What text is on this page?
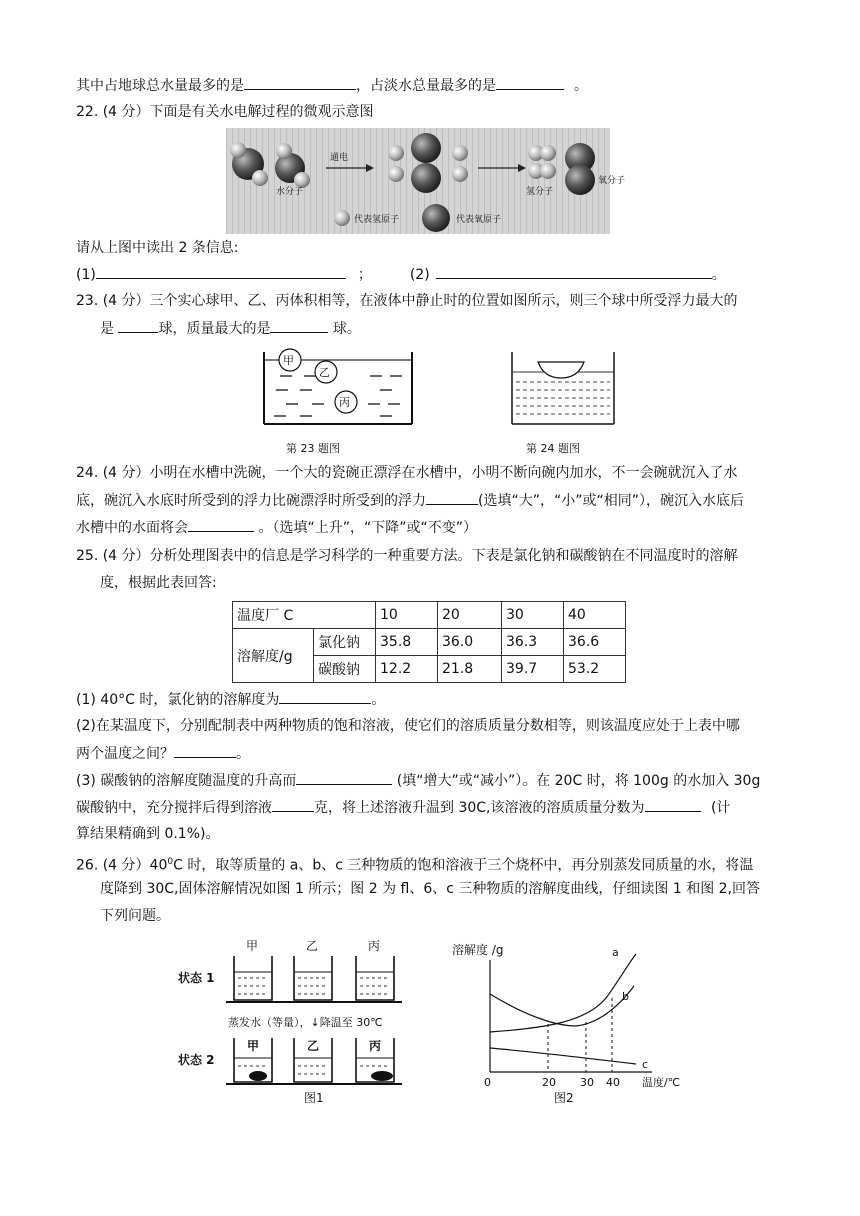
其中占地球总水量最多的是	，占淡水总量最多的是	。
22. (4 分）下面是有关水电解过程的微观示意图
水分子
通电
氢分子
氧分子
代表氢原子	代表氧原子
请从上图中读出 2 条信息:
(1)	；	(2)	。
23. (4 分）三个实心球甲、乙、丙体积相等，在液体中静止时的位置如图所示，则三个球中所受浮力最大的
是	球，质量最大的是	球。
甲
乙
丙
第 23 题图	第 24 题图
24. (4 分）小明在水槽中洗碗，一个大的瓷碗正漂浮在水槽中，小明不断向碗内加水，不一会碗就沉入了水
底，碗沉入水底时所受到的浮力比碗漂浮时所受到的浮力	(选填“大”，“小”或“相同”），碗沉入水底后
水槽中的水面将会	。（选填“上升”，“下降”或“不变”）
25. (4 分）分析处理图表中的信息是学习科学的一种重要方法。下表是氯化钠和碳酸钠在不同温度时的溶解
度，根据此表回答:
温度厂 C		10	20	30	40
溶解度/g	氯化钠	35.8	36.0	36.3	36.6
	碳酸钠	12.2	21.8	39.7	53.2
(1) 40°C 时，氯化钠的溶解度为	。
(2)在某温度下，分别配制表中两种物质的饱和溶液，使它们的溶质质量分数相等，则该温度应处于上表中哪
两个温度之间？	。
(3) 碳酸钠的溶解度随温度的升高而	(填“增大”或“减小”）。在 20C 时，将 100g 的水加入 30g
碳酸钠中，充分搅拌后得到溶液	克，将上述溶液升温到 30C,该溶液的溶质质量分数为	(计
算结果精确到 0.1%)。
26. (4 分）$40^0C$ 时，取等质量的 a、b、c 三种物质的饱和溶液于三个烧杯中，再分别蒸发同质量的水，将温
度降到 30C,固体溶解情况如图 1 所示；图 2 为 fl、6、c 三种物质的溶解度曲线，仔细读图 1 和图 2,回答
下列问题。
状态 1
状态 2
甲	乙	丙
蒸发水（等量），↓降温至 30℃
甲	乙	丙
图1
溶解度 /g	a
b
c
0	20 30 40 温度/℃
图2
